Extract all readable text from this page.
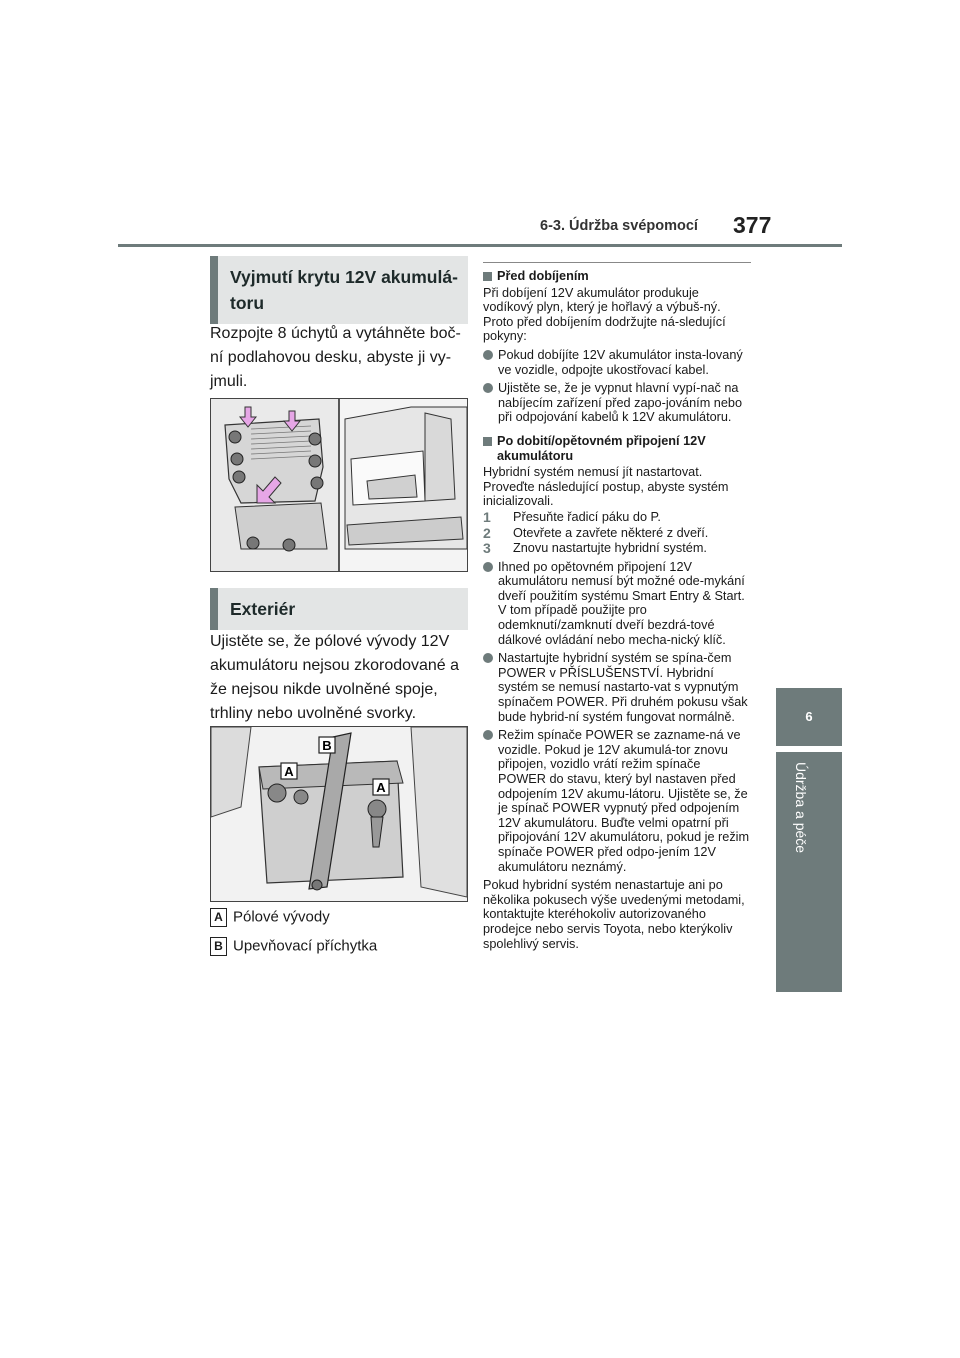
6-3. Údržba svépomocí 377
6
Údržba a péče
Vyjmutí krytu 12V akumulá-toru
Rozpojte 8 úchytů a vytáhněte boč-ní podlahovou desku, abyste ji vy-jmuli.
Exteriér
Ujistěte se, že pólové vývody 12V akumulátoru nejsou zkorodované a že nejsou nikde uvolněné spoje, trhliny nebo uvolněné svorky.
A
B
A
A Pólové vývody
B Upevňovací příchytka
Před dobíjením
Při dobíjení 12V akumulátor produkuje vodíkový plyn, který je hořlavý a výbuš-ný. Proto před dobíjením dodržujte ná-sledující pokyny:
Pokud dobíjíte 12V akumulátor insta-lovaný ve vozidle, odpojte ukostřovací kabel.
Ujistěte se, že je vypnut hlavní vypí-nač na nabíjecím zařízení před zapo-jováním nebo při odpojování kabelů k 12V akumulátoru.
Po dobití/opětovném připojení 12V akumulátoru
Hybridní systém nemusí jít nastartovat. Proveďte následující postup, abyste systém inicializovali.
1	Přesuňte řadicí páku do P.
2	Otevřete a zavřete některé z dveří.
3	Znovu nastartujte hybridní systém.
Ihned po opětovném připojení 12V akumulátoru nemusí být možné ode-mykání dveří použitím systému Smart Entry & Start. V tom případě použijte pro odemknutí/zamknutí dveří bezdrá-tové dálkové ovládání nebo mecha-nický klíč.
Nastartujte hybridní systém se spína-čem POWER v PŘÍSLUŠENSTVÍ. Hybridní systém se nemusí nastarto-vat s vypnutým spínačem POWER. Při druhém pokusu však bude hybrid-ní systém fungovat normálně.
Režim spínače POWER se zazname-ná ve vozidle. Pokud je 12V akumulá-tor znovu připojen, vozidlo vrátí režim spínače POWER do stavu, který byl nastaven před odpojením 12V akumu-látoru. Ujistěte se, že je spínač POWER vypnutý před odpojením 12V akumulátoru. Buďte velmi opatrní při připojování 12V akumulátoru, pokud je režim spínače POWER před odpo-jením 12V akumulátoru neznámý.
Pokud hybridní systém nenastartuje ani po několika pokusech výše uvedenými metodami, kontaktujte kteréhokoliv autorizovaného prodejce nebo servis Toyota, nebo kterýkoliv spolehlivý servis.
